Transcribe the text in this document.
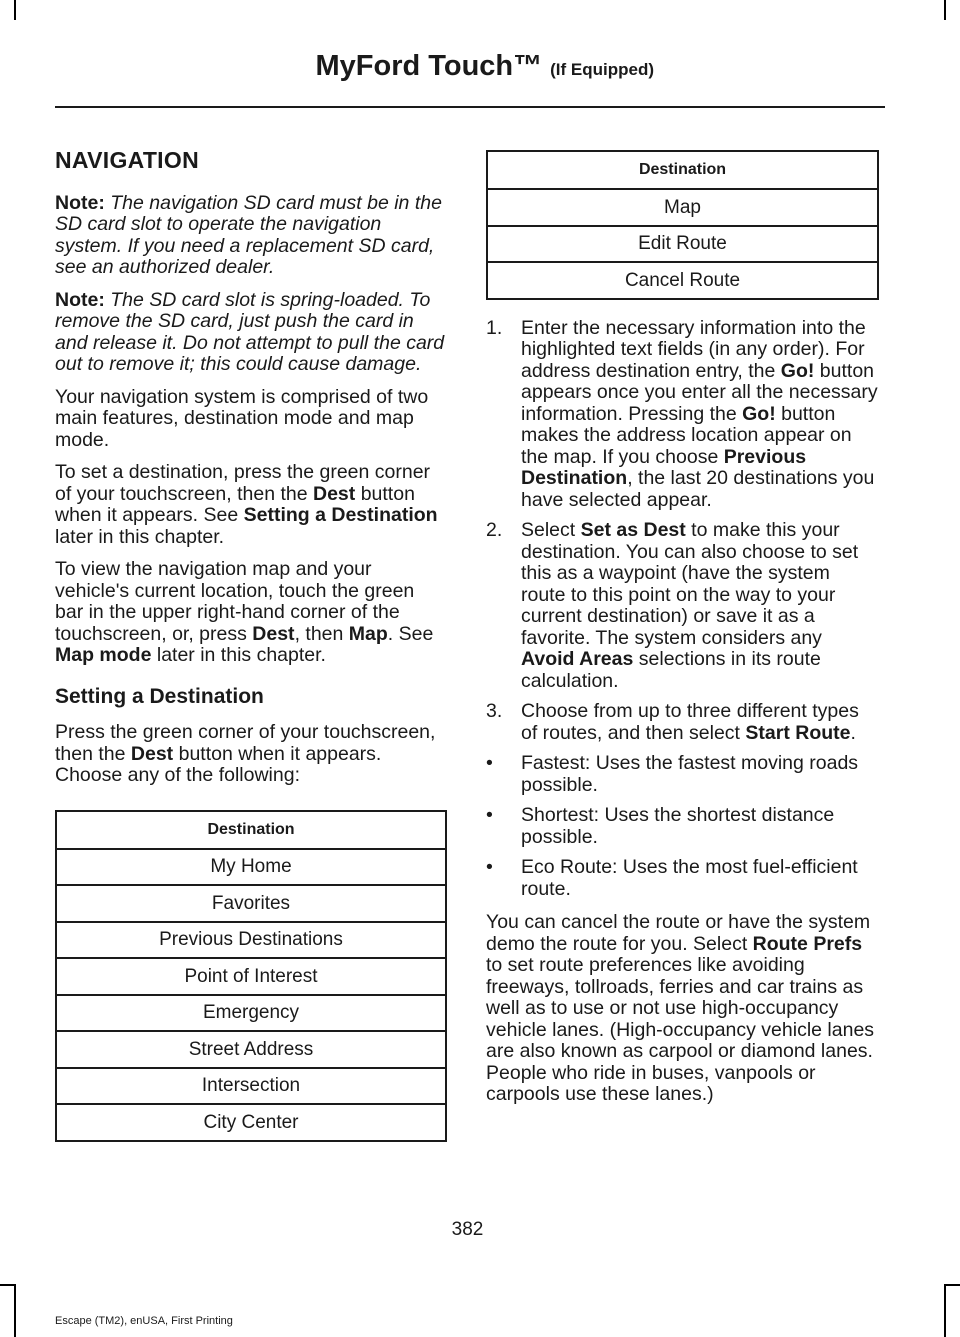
MyFord Touch™ (If Equipped)
NAVIGATION

Note: The navigation SD card must be in the SD card slot to operate the navigation system. If you need a replacement SD card, see an authorized dealer.

Note: The SD card slot is spring-loaded. To remove the SD card, just push the card in and release it. Do not attempt to pull the card out to remove it; this could cause damage.

Your navigation system is comprised of two main features, destination mode and map mode.

To set a destination, press the green corner of your touchscreen, then the Dest button when it appears. See Setting a Destination later in this chapter.

To view the navigation map and your vehicle's current location, touch the green bar in the upper right-hand corner of the touchscreen, or, press Dest, then Map. See Map mode later in this chapter.

Setting a Destination

Press the green corner of your touchscreen, then the Dest button when it appears. Choose any of the following:

Destination
My Home
Favorites
Previous Destinations
Point of Interest
Emergency
Street Address
Intersection
City Center
Destination
Map
Edit Route
Cancel Route
1. Enter the necessary information into the highlighted text fields (in any order). For address destination entry, the Go! button appears once you enter all the necessary information. Pressing the Go! button makes the address location appear on the map. If you choose Previous Destination, the last 20 destinations you have selected appear.
2. Select Set as Dest to make this your destination. You can also choose to set this as a waypoint (have the system route to this point on the way to your current destination) or save it as a favorite. The system considers any Avoid Areas selections in its route calculation.
3. Choose from up to three different types of routes, and then select Start Route.
• Fastest: Uses the fastest moving roads possible.
• Shortest: Uses the shortest distance possible.
• Eco Route: Uses the most fuel-efficient route.

You can cancel the route or have the system demo the route for you. Select Route Prefs to set route preferences like avoiding freeways, tollroads, ferries and car trains as well as to use or not use high-occupancy vehicle lanes. (High-occupancy vehicle lanes are also known as carpool or diamond lanes. People who ride in buses, vanpools or carpools use these lanes.)

382
Escape (TM2), enUSA, First Printing
